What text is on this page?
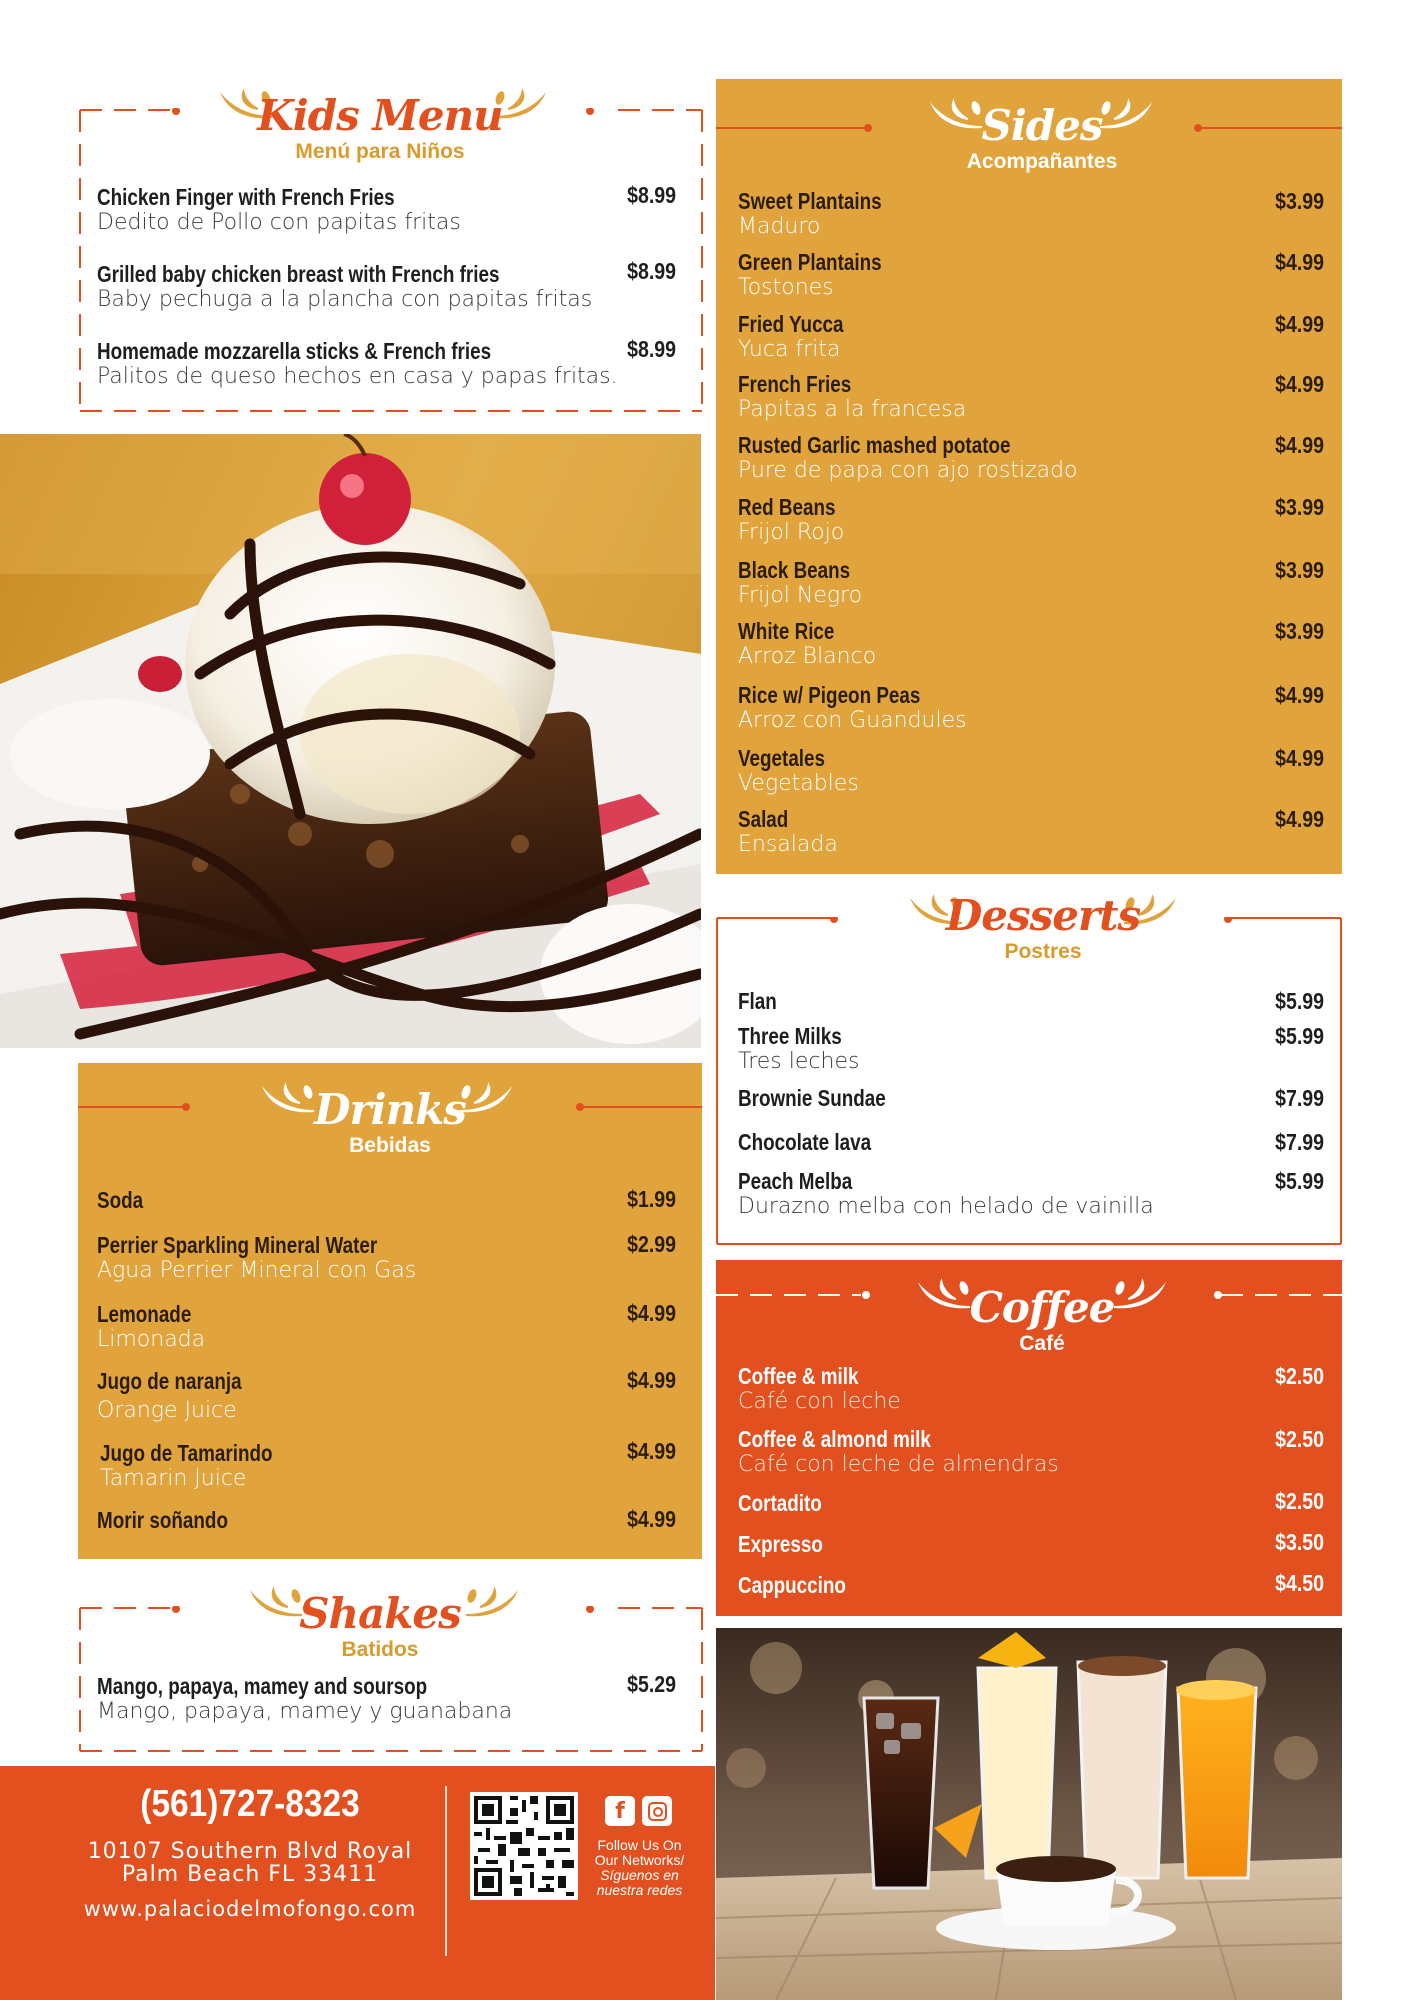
Kids Menu
Menú para Niños
Chicken Finger with French Fries
Dedito de Pollo con papitas fritas
$8.99
Grilled baby chicken breast with French fries
Baby pechuga a la plancha con papitas fritas
$8.99
Homemade mozzarella sticks & French fries
Palitos de queso hechos en casa y papas fritas.
$8.99
Drinks
Bebidas
Soda	$1.99
Perrier Sparkling Mineral Water
Agua Perrier Mineral con Gas
$2.99
Lemonade
Limonada
$4.99
Jugo de naranja
Orange Juice
$4.99
Jugo de Tamarindo
Tamarin Juice
$4.99
Morir soñando	$4.99
Shakes
Batidos
Mango, papaya, mamey and soursop
Mango, papaya, mamey y guanabana
$5.29
(561)727-8323
10107 Southern Blvd Royal
Palm Beach FL 33411
www.palaciodelmofongo.com
f
Follow Us On
Our Networks/
Síguenos en
nuestra redes
Sides
Acompañantes
Sweet Plantains
Maduro
$3.99
Green Plantains
Tostones
$4.99
Fried Yucca
Yuca frita
$4.99
French Fries
Papitas a la francesa
$4.99
Rusted Garlic mashed potatoe
Pure de papa con ajo rostizado
$4.99
Red Beans
Frijol Rojo
$3.99
Black Beans
Frijol Negro
$3.99
White Rice
Arroz Blanco
$3.99
Rice w/ Pigeon Peas
Arroz con Guandules
$4.99
Vegetales
Vegetables
$4.99
Salad
Ensalada
$4.99
Desserts
Postres
Flan	$5.99
Three Milks
Tres leches
$5.99
Brownie Sundae	$7.99
Chocolate lava	$7.99
Peach Melba
Durazno melba con helado de vainilla
$5.99
Coffee
Café
Coffee & milk
Café con leche
$2.50
Coffee & almond milk
Café con leche de almendras
$2.50
Cortadito	$2.50
Expresso	$3.50
Cappuccino	$4.50
